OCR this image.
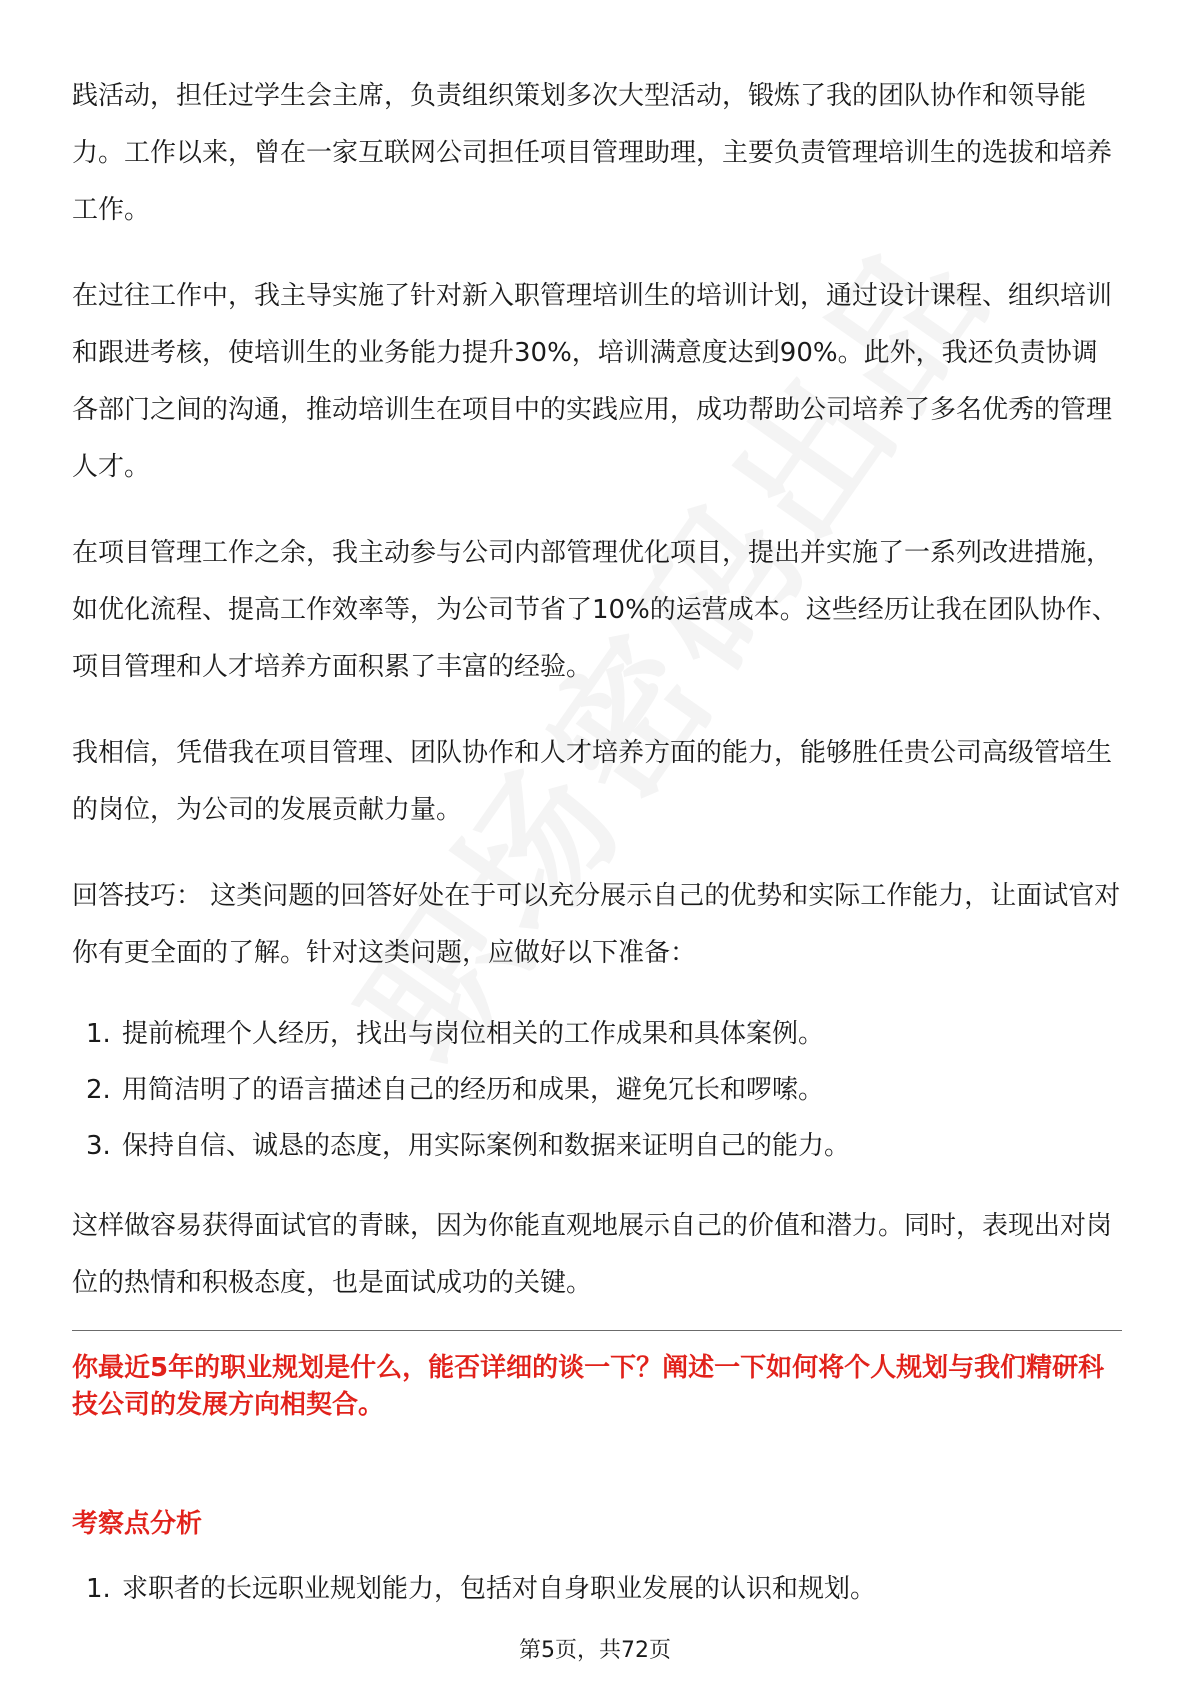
践活动，担任过学生会主席，负责组织策划多次大型活动，锻炼了我的团队协作和领导能力。工作以来，曾在一家互联网公司担任项目管理助理，主要负责管理培训生的选拔和培养工作。

在过往工作中，我主导实施了针对新入职管理培训生的培训计划，通过设计课程、组织培训和跟进考核，使培训生的业务能力提升30%，培训满意度达到90%。此外，我还负责协调各部门之间的沟通，推动培训生在项目中的实践应用，成功帮助公司培养了多名优秀的管理人才。

在项目管理工作之余，我主动参与公司内部管理优化项目，提出并实施了一系列改进措施，如优化流程、提高工作效率等，为公司节省了10%的运营成本。这些经历让我在团队协作、项目管理和人才培养方面积累了丰富的经验。

我相信，凭借我在项目管理、团队协作和人才培养方面的能力，能够胜任贵公司高级管培生的岗位，为公司的发展贡献力量。

回答技巧： 这类问题的回答好处在于可以充分展示自己的优势和实际工作能力，让面试官对你有更全面的了解。针对这类问题，应做好以下准备：

1. 提前梳理个人经历，找出与岗位相关的工作成果和具体案例。
2. 用简洁明了的语言描述自己的经历和成果，避免冗长和啰嗦。
3. 保持自信、诚恳的态度，用实际案例和数据来证明自己的能力。

这样做容易获得面试官的青睐，因为你能直观地展示自己的价值和潜力。同时，表现出对岗位的热情和积极态度，也是面试成功的关键。

你最近5年的职业规划是什么，能否详细的谈一下？阐述一下如何将个人规划与我们精研科技公司的发展方向相契合。

考察点分析

1. 求职者的长远职业规划能力，包括对自身职业发展的认识和规划。
第5页，共72页
